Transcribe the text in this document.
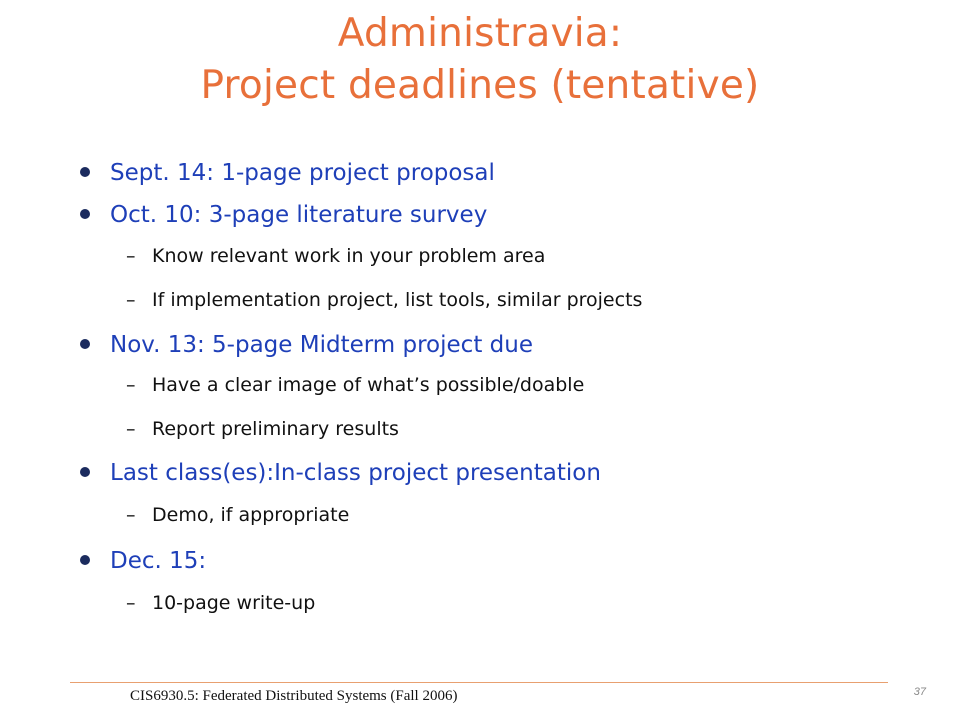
Administravia:
Project deadlines (tentative)
Sept. 14: 1-page project proposal
Oct. 10: 3-page literature survey
– Know relevant work in your problem area
– If implementation project, list tools, similar projects
Nov. 13: 5-page Midterm project due
– Have a clear image of what’s possible/doable
– Report preliminary results
Last class(es):In-class project presentation
– Demo, if appropriate
Dec. 15:
– 10-page write-up
CIS6930.5: Federated Distributed Systems (Fall 2006)	37
